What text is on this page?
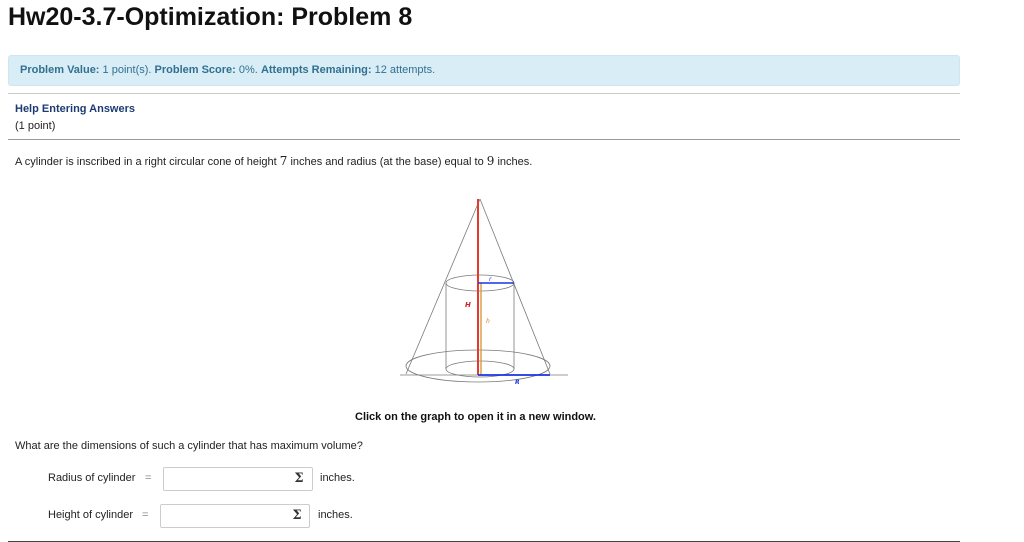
Hw20-3.7-Optimization: Problem 8
Problem Value: 1 point(s). Problem Score: 0%. Attempts Remaining: 12 attempts.
Help Entering Answers
(1 point)
A cylinder is inscribed in a right circular cone of height 7 inches and radius (at the base) equal to 9 inches.
H
h
r
R
Click on the graph to open it in a new window.
What are the dimensions of such a cylinder that has maximum volume?
Radius of cylinder =	Σ	inches.
Height of cylinder =	Σ	inches.
